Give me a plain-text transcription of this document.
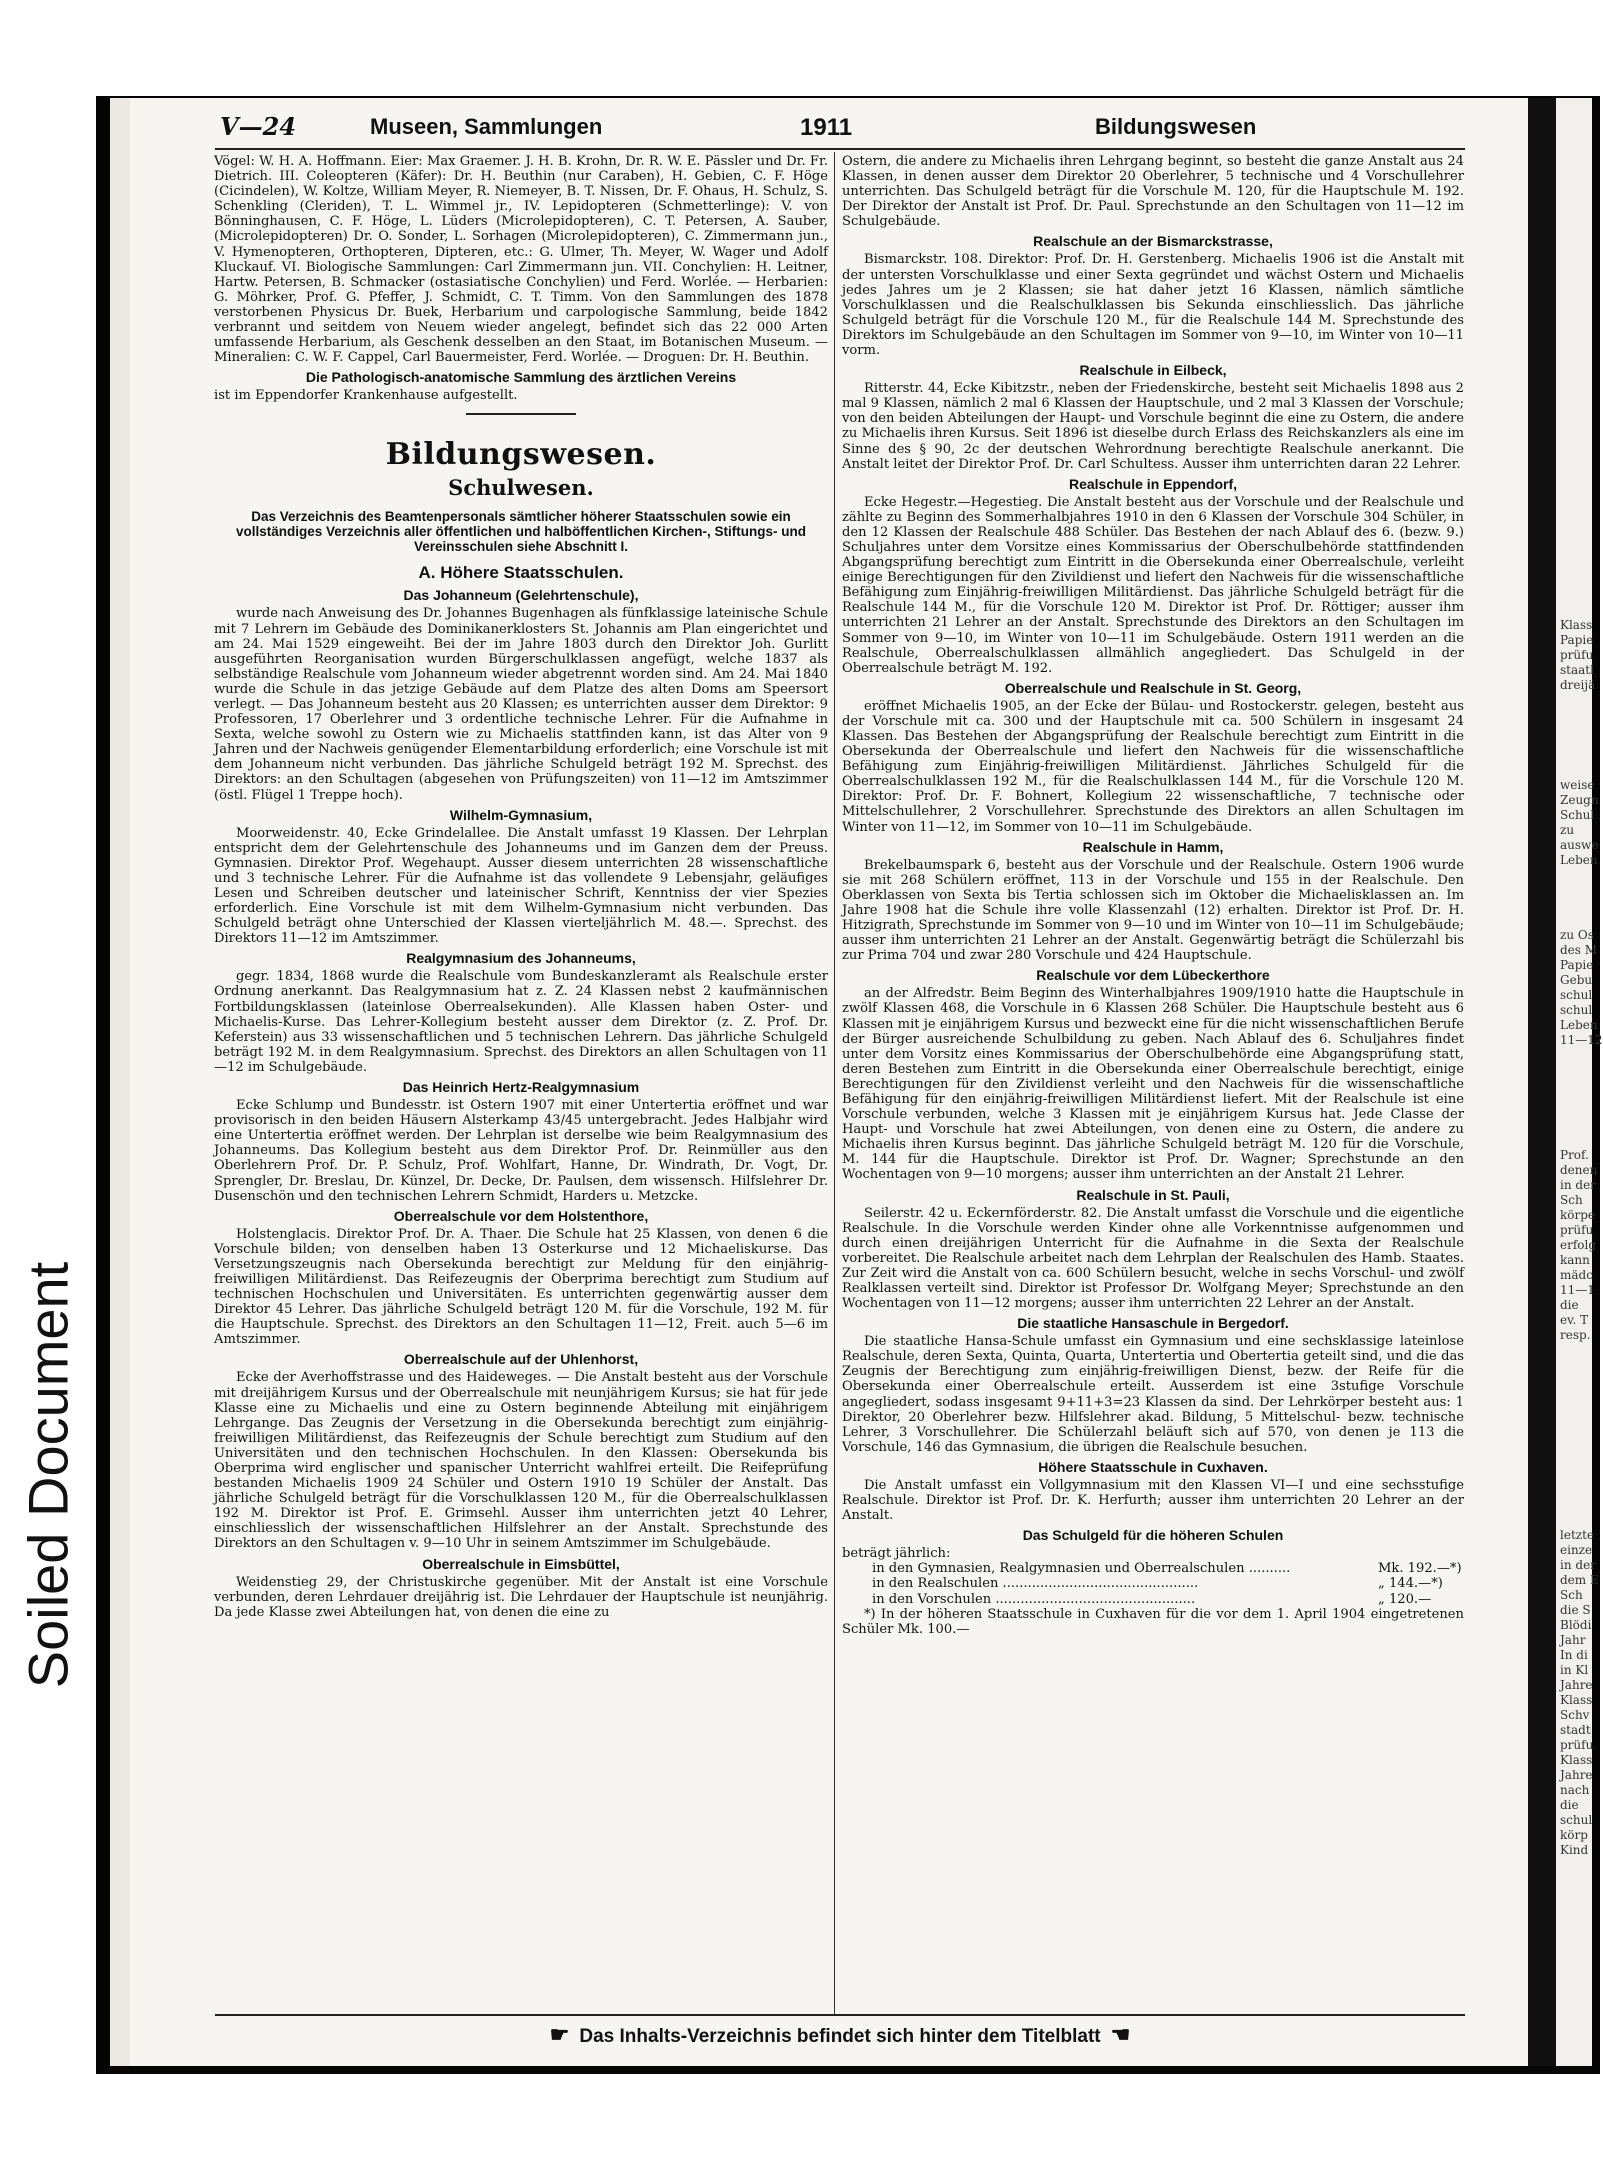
Soiled Document
Klass
Papie
prüfu
staatl
dreijä
weise
Zeugn
Schul
zu
auswe
Leben
zu Os
des M
Papie
Gebu
schul
schul
Leben
11—12
Prof.
denen
in der
Sch
körpe
prüfu
erfolg
kann
mädc
11—1
die
ev. T
resp.
letzte
einze
in der
dem E
Sch
die S
Blödi
Jahr
In di
in Kl
Jahre
Klass
Schv
stadt
prüfu
Klass
Jahre
nach
die
schul
körp
Kind
V—24	Museen, Sammlungen	1911	Bildungswesen

Vögel: W. H. A. Hoffmann. Eier: Max Graemer. J. H. B. Krohn, Dr. R. W. E. Pässler und Dr. Fr. Dietrich. III. Coleopteren (Käfer): Dr. H. Beuthin (nur Caraben), H. Gebien, C. F. Höge (Cicindelen), W. Koltze, William Meyer, R. Niemeyer, B. T. Nissen, Dr. F. Ohaus, H. Schulz, S. Schenkling (Cleriden), T. L. Wimmel jr., IV. Lepidopteren (Schmetterlinge): V. von Bönninghausen, C. F. Höge, L. Lüders (Microlepidopteren), C. T. Petersen, A. Sauber, (Microlepidopteren) Dr. O. Sonder, L. Sorhagen (Microlepidopteren), C. Zimmermann jun., V. Hymenopteren, Orthopteren, Dipteren, etc.: G. Ulmer, Th. Meyer, W. Wager und Adolf Kluckauf. VI. Biologische Sammlungen: Carl Zimmermann jun. VII. Conchylien: H. Leitner, Hartw. Petersen, B. Schmacker (ostasiatische Conchylien) und Ferd. Worlée. — Herbarien: G. Möhrker, Prof. G. Pfeffer, J. Schmidt, C. T. Timm. Von den Sammlungen des 1878 verstorbenen Physicus Dr. Buek, Herbarium und carpologische Sammlung, beide 1842 verbrannt und seitdem von Neuem wieder angelegt, befindet sich das 22 000 Arten umfassende Herbarium, als Geschenk desselben an den Staat, im Botanischen Museum. — Mineralien: C. W. F. Cappel, Carl Bauermeister, Ferd. Worlée. — Droguen: Dr. H. Beuthin.

Die Pathologisch-anatomische Sammlung des ärztlichen Vereins

ist im Eppendorfer Krankenhause aufgestellt.

Bildungswesen.
Schulwesen.
Das Verzeichnis des Beamtenpersonals sämtlicher höherer Staatsschulen sowie ein vollständiges Verzeichnis aller öffentlichen und halböffentlichen Kirchen-, Stiftungs- und Vereinsschulen siehe Abschnitt I.
A. Höhere Staatsschulen.
Das Johanneum (Gelehrtenschule),

wurde nach Anweisung des Dr. Johannes Bugenhagen als fünfklassige lateinische Schule mit 7 Lehrern im Gebäude des Dominikanerklosters St. Johannis am Plan eingerichtet und am 24. Mai 1529 eingeweiht. Bei der im Jahre 1803 durch den Direktor Joh. Gurlitt ausgeführten Reorganisation wurden Bürgerschulklassen angefügt, welche 1837 als selbständige Realschule vom Johanneum wieder abgetrennt worden sind. Am 24. Mai 1840 wurde die Schule in das jetzige Gebäude auf dem Platze des alten Doms am Speersort verlegt. — Das Johanneum besteht aus 20 Klassen; es unterrichten ausser dem Direktor: 9 Professoren, 17 Oberlehrer und 3 ordentliche technische Lehrer. Für die Aufnahme in Sexta, welche sowohl zu Ostern wie zu Michaelis stattfinden kann, ist das Alter von 9 Jahren und der Nachweis genügender Elementarbildung erforderlich; eine Vorschule ist mit dem Johanneum nicht verbunden. Das jährliche Schulgeld beträgt 192 M. Sprechst. des Direktors: an den Schultagen (abgesehen von Prüfungszeiten) von 11—12 im Amtszimmer (östl. Flügel 1 Treppe hoch).

Wilhelm-Gymnasium,

Moorweidenstr. 40, Ecke Grindelallee. Die Anstalt umfasst 19 Klassen. Der Lehrplan entspricht dem der Gelehrtenschule des Johanneums und im Ganzen dem der Preuss. Gymnasien. Direktor Prof. Wegehaupt. Ausser diesem unterrichten 28 wissenschaftliche und 3 technische Lehrer. Für die Aufnahme ist das vollendete 9 Lebensjahr, geläufiges Lesen und Schreiben deutscher und lateinischer Schrift, Kenntniss der vier Spezies erforderlich. Eine Vorschule ist mit dem Wilhelm-Gymnasium nicht verbunden. Das Schulgeld beträgt ohne Unterschied der Klassen vierteljährlich M. 48.—. Sprechst. des Direktors 11—12 im Amtszimmer.

Realgymnasium des Johanneums,

gegr. 1834, 1868 wurde die Realschule vom Bundeskanzleramt als Realschule erster Ordnung anerkannt. Das Realgymnasium hat z. Z. 24 Klassen nebst 2 kaufmännischen Fortbildungsklassen (lateinlose Oberrealsekunden). Alle Klassen haben Oster- und Michaelis-Kurse. Das Lehrer-Kollegium besteht ausser dem Direktor (z. Z. Prof. Dr. Keferstein) aus 33 wissenschaftlichen und 5 technischen Lehrern. Das jährliche Schulgeld beträgt 192 M. in dem Realgymnasium. Sprechst. des Direktors an allen Schultagen von 11—12 im Schulgebäude.

Das Heinrich Hertz-Realgymnasium

Ecke Schlump und Bundesstr. ist Ostern 1907 mit einer Untertertia eröffnet und war provisorisch in den beiden Häusern Alsterkamp 43/45 untergebracht. Jedes Halbjahr wird eine Untertertia eröffnet werden. Der Lehrplan ist derselbe wie beim Realgymnasium des Johanneums. Das Kollegium besteht aus dem Direktor Prof. Dr. Reinmüller aus den Oberlehrern Prof. Dr. P. Schulz, Prof. Wohlfart, Hanne, Dr. Windrath, Dr. Vogt, Dr. Sprengler, Dr. Breslau, Dr. Künzel, Dr. Decke, Dr. Paulsen, dem wissensch. Hilfslehrer Dr. Dusenschön und den technischen Lehrern Schmidt, Harders u. Metzcke.

Oberrealschule vor dem Holstenthore,

Holstenglacis. Direktor Prof. Dr. A. Thaer. Die Schule hat 25 Klassen, von denen 6 die Vorschule bilden; von denselben haben 13 Osterkurse und 12 Michaeliskurse. Das Versetzungszeugnis nach Obersekunda berechtigt zur Meldung für den einjährig-freiwilligen Militärdienst. Das Reifezeugnis der Oberprima berechtigt zum Studium auf technischen Hochschulen und Universitäten. Es unterrichten gegenwärtig ausser dem Direktor 45 Lehrer. Das jährliche Schulgeld beträgt 120 M. für die Vorschule, 192 M. für die Hauptschule. Sprechst. des Direktors an den Schultagen 11—12, Freit. auch 5—6 im Amtszimmer.

Oberrealschule auf der Uhlenhorst,

Ecke der Averhoffstrasse und des Haideweges. — Die Anstalt besteht aus der Vorschule mit dreijährigem Kursus und der Oberrealschule mit neunjährigem Kursus; sie hat für jede Klasse eine zu Michaelis und eine zu Ostern beginnende Abteilung mit einjährigem Lehrgange. Das Zeugnis der Versetzung in die Obersekunda berechtigt zum einjährig-freiwilligen Militärdienst, das Reifezeugnis der Schule berechtigt zum Studium auf den Universitäten und den technischen Hochschulen. In den Klassen: Obersekunda bis Oberprima wird englischer und spanischer Unterricht wahlfrei erteilt. Die Reifeprüfung bestanden Michaelis 1909 24 Schüler und Ostern 1910 19 Schüler der Anstalt. Das jährliche Schulgeld beträgt für die Vorschulklassen 120 M., für die Oberrealschulklassen 192 M. Direktor ist Prof. E. Grimsehl. Ausser ihm unterrichten jetzt 40 Lehrer, einschliesslich der wissenschaftlichen Hilfslehrer an der Anstalt. Sprechstunde des Direktors an den Schultagen v. 9—10 Uhr in seinem Amtszimmer im Schulgebäude.

Oberrealschule in Eimsbüttel,

Weidenstieg 29, der Christuskirche gegenüber. Mit der Anstalt ist eine Vorschule verbunden, deren Lehrdauer dreijährig ist. Die Lehrdauer der Hauptschule ist neunjährig. Da jede Klasse zwei Abteilungen hat, von denen die eine zu

Ostern, die andere zu Michaelis ihren Lehrgang beginnt, so besteht die ganze Anstalt aus 24 Klassen, in denen ausser dem Direktor 20 Oberlehrer, 5 technische und 4 Vorschullehrer unterrichten. Das Schulgeld beträgt für die Vorschule M. 120, für die Hauptschule M. 192. Der Direktor der Anstalt ist Prof. Dr. Paul. Sprechstunde an den Schultagen von 11—12 im Schulgebäude.

Realschule an der Bismarckstrasse,

Bismarckstr. 108. Direktor: Prof. Dr. H. Gerstenberg. Michaelis 1906 ist die Anstalt mit der untersten Vorschulklasse und einer Sexta gegründet und wächst Ostern und Michaelis jedes Jahres um je 2 Klassen; sie hat daher jetzt 16 Klassen, nämlich sämtliche Vorschulklassen und die Realschulklassen bis Sekunda einschliesslich. Das jährliche Schulgeld beträgt für die Vorschule 120 M., für die Realschule 144 M. Sprechstunde des Direktors im Schulgebäude an den Schultagen im Sommer von 9—10, im Winter von 10—11 vorm.

Realschule in Eilbeck,

Ritterstr. 44, Ecke Kibitzstr., neben der Friedenskirche, besteht seit Michaelis 1898 aus 2 mal 9 Klassen, nämlich 2 mal 6 Klassen der Hauptschule, und 2 mal 3 Klassen der Vorschule; von den beiden Abteilungen der Haupt- und Vorschule beginnt die eine zu Ostern, die andere zu Michaelis ihren Kursus. Seit 1896 ist dieselbe durch Erlass des Reichskanzlers als eine im Sinne des § 90, 2c der deutschen Wehrordnung berechtigte Realschule anerkannt. Die Anstalt leitet der Direktor Prof. Dr. Carl Schultess. Ausser ihm unterrichten daran 22 Lehrer.

Realschule in Eppendorf,

Ecke Hegestr.—Hegestieg. Die Anstalt besteht aus der Vorschule und der Realschule und zählte zu Beginn des Sommerhalbjahres 1910 in den 6 Klassen der Vorschule 304 Schüler, in den 12 Klassen der Realschule 488 Schüler. Das Bestehen der nach Ablauf des 6. (bezw. 9.) Schuljahres unter dem Vorsitze eines Kommissarius der Oberschulbehörde stattfindenden Abgangsprüfung berechtigt zum Eintritt in die Obersekunda einer Oberrealschule, verleiht einige Berechtigungen für den Zivildienst und liefert den Nachweis für die wissenschaftliche Befähigung zum Einjährig-freiwilligen Militärdienst. Das jährliche Schulgeld beträgt für die Realschule 144 M., für die Vorschule 120 M. Direktor ist Prof. Dr. Röttiger; ausser ihm unterrichten 21 Lehrer an der Anstalt. Sprechstunde des Direktors an den Schultagen im Sommer von 9—10, im Winter von 10—11 im Schulgebäude. Ostern 1911 werden an die Realschule, Oberrealschulklassen allmählich angegliedert. Das Schulgeld in der Oberrealschule beträgt M. 192.

Oberrealschule und Realschule in St. Georg,

eröffnet Michaelis 1905, an der Ecke der Bülau- und Rostockerstr. gelegen, besteht aus der Vorschule mit ca. 300 und der Hauptschule mit ca. 500 Schülern in insgesamt 24 Klassen. Das Bestehen der Abgangsprüfung der Realschule berechtigt zum Eintritt in die Obersekunda der Oberrealschule und liefert den Nachweis für die wissenschaftliche Befähigung zum Einjährig-freiwilligen Militärdienst. Jährliches Schulgeld für die Oberrealschulklassen 192 M., für die Realschulklassen 144 M., für die Vorschule 120 M. Direktor: Prof. Dr. F. Bohnert, Kollegium 22 wissenschaftliche, 7 technische oder Mittelschullehrer, 2 Vorschullehrer. Sprechstunde des Direktors an allen Schultagen im Winter von 11—12, im Sommer von 10—11 im Schulgebäude.

Realschule in Hamm,

Brekelbaumspark 6, besteht aus der Vorschule und der Realschule. Ostern 1906 wurde sie mit 268 Schülern eröffnet, 113 in der Vorschule und 155 in der Realschule. Den Oberklassen von Sexta bis Tertia schlossen sich im Oktober die Michaelisklassen an. Im Jahre 1908 hat die Schule ihre volle Klassenzahl (12) erhalten. Direktor ist Prof. Dr. H. Hitzigrath, Sprechstunde im Sommer von 9—10 und im Winter von 10—11 im Schulgebäude; ausser ihm unterrichten 21 Lehrer an der Anstalt. Gegenwärtig beträgt die Schülerzahl bis zur Prima 704 und zwar 280 Vorschule und 424 Hauptschule.

Realschule vor dem Lübeckerthore

an der Alfredstr. Beim Beginn des Winterhalbjahres 1909/1910 hatte die Hauptschule in zwölf Klassen 468, die Vorschule in 6 Klassen 268 Schüler. Die Hauptschule besteht aus 6 Klassen mit je einjährigem Kursus und bezweckt eine für die nicht wissenschaftlichen Berufe der Bürger ausreichende Schulbildung zu geben. Nach Ablauf des 6. Schuljahres findet unter dem Vorsitz eines Kommissarius der Oberschulbehörde eine Abgangsprüfung statt, deren Bestehen zum Eintritt in die Obersekunda einer Oberrealschule berechtigt, einige Berechtigungen für den Zivildienst verleiht und den Nachweis für die wissenschaftliche Befähigung für den einjährig-freiwilligen Militärdienst liefert. Mit der Realschule ist eine Vorschule verbunden, welche 3 Klassen mit je einjährigem Kursus hat. Jede Classe der Haupt- und Vorschule hat zwei Abteilungen, von denen eine zu Ostern, die andere zu Michaelis ihren Kursus beginnt. Das jährliche Schulgeld beträgt M. 120 für die Vorschule, M. 144 für die Hauptschule. Direktor ist Prof. Dr. Wagner; Sprechstunde an den Wochentagen von 9—10 morgens; ausser ihm unterrichten an der Anstalt 21 Lehrer.

Realschule in St. Pauli,

Seilerstr. 42 u. Eckernförderstr. 82. Die Anstalt umfasst die Vorschule und die eigentliche Realschule. In die Vorschule werden Kinder ohne alle Vorkenntnisse aufgenommen und durch einen dreijährigen Unterricht für die Aufnahme in die Sexta der Realschule vorbereitet. Die Realschule arbeitet nach dem Lehrplan der Realschulen des Hamb. Staates. Zur Zeit wird die Anstalt von ca. 600 Schülern besucht, welche in sechs Vorschul- und zwölf Realklassen verteilt sind. Direktor ist Professor Dr. Wolfgang Meyer; Sprechstunde an den Wochentagen von 11—12 morgens; ausser ihm unterrichten 22 Lehrer an der Anstalt.

Die staatliche Hansaschule in Bergedorf.

Die staatliche Hansa-Schule umfasst ein Gymnasium und eine sechsklassige lateinlose Realschule, deren Sexta, Quinta, Quarta, Untertertia und Obertertia geteilt sind, und die das Zeugnis der Berechtigung zum einjährig-freiwilligen Dienst, bezw. der Reife für die Obersekunda einer Oberrealschule erteilt. Ausserdem ist eine 3stufige Vorschule angegliedert, sodass insgesamt 9+11+3=23 Klassen da sind. Der Lehrkörper besteht aus: 1 Direktor, 20 Oberlehrer bezw. Hilfslehrer akad. Bildung, 5 Mittelschul- bezw. technische Lehrer, 3 Vorschullehrer. Die Schülerzahl beläuft sich auf 570, von denen je 113 die Vorschule, 146 das Gymnasium, die übrigen die Realschule besuchen.

Höhere Staatsschule in Cuxhaven.

Die Anstalt umfasst ein Vollgymnasium mit den Klassen VI—I und eine sechsstufige Realschule. Direktor ist Prof. Dr. K. Herfurth; ausser ihm unterrichten 20 Lehrer an der Anstalt.

Das Schulgeld für die höheren Schulen

beträgt jährlich:

in den Gymnasien, Realgymnasien und Oberrealschulen ..........	Mk. 192.—*)
in den Realschulen ...............................................	„ 144.—*)
in den Vorschulen ................................................	„ 120.—

*) In der höheren Staatsschule in Cuxhaven für die vor dem 1. April 1904 eingetretenen Schüler Mk. 100.—

☛ Das Inhalts-Verzeichnis befindet sich hinter dem Titelblatt ☚
